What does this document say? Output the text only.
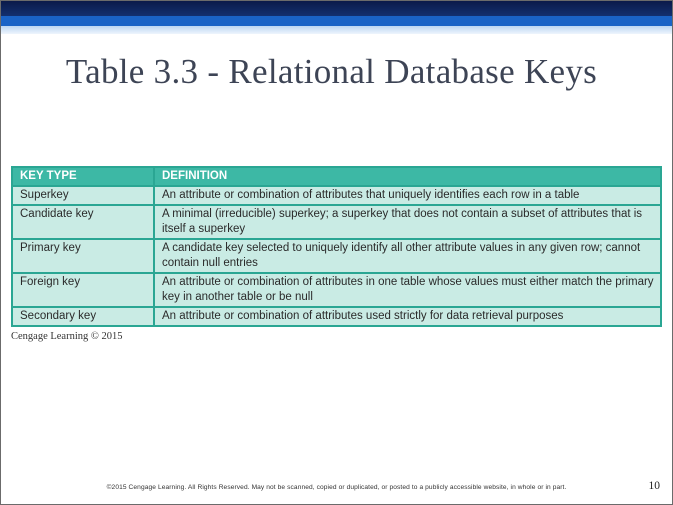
Table 3.3 - Relational Database Keys
KEY TYPE	DEFINITION
Superkey	An attribute or combination of attributes that uniquely identifies each row in a table
Candidate key	A minimal (irreducible) superkey; a superkey that does not contain a subset of attributes that is itself a superkey
Primary key	A candidate key selected to uniquely identify all other attribute values in any given row; cannot contain null entries
Foreign key	An attribute or combination of attributes in one table whose values must either match the primary key in another table or be null
Secondary key	An attribute or combination of attributes used strictly for data retrieval purposes
Cengage Learning © 2015
©2015 Cengage Learning. All Rights Reserved. May not be scanned, copied or duplicated, or posted to a publicly accessible website, in whole or in part.	10
